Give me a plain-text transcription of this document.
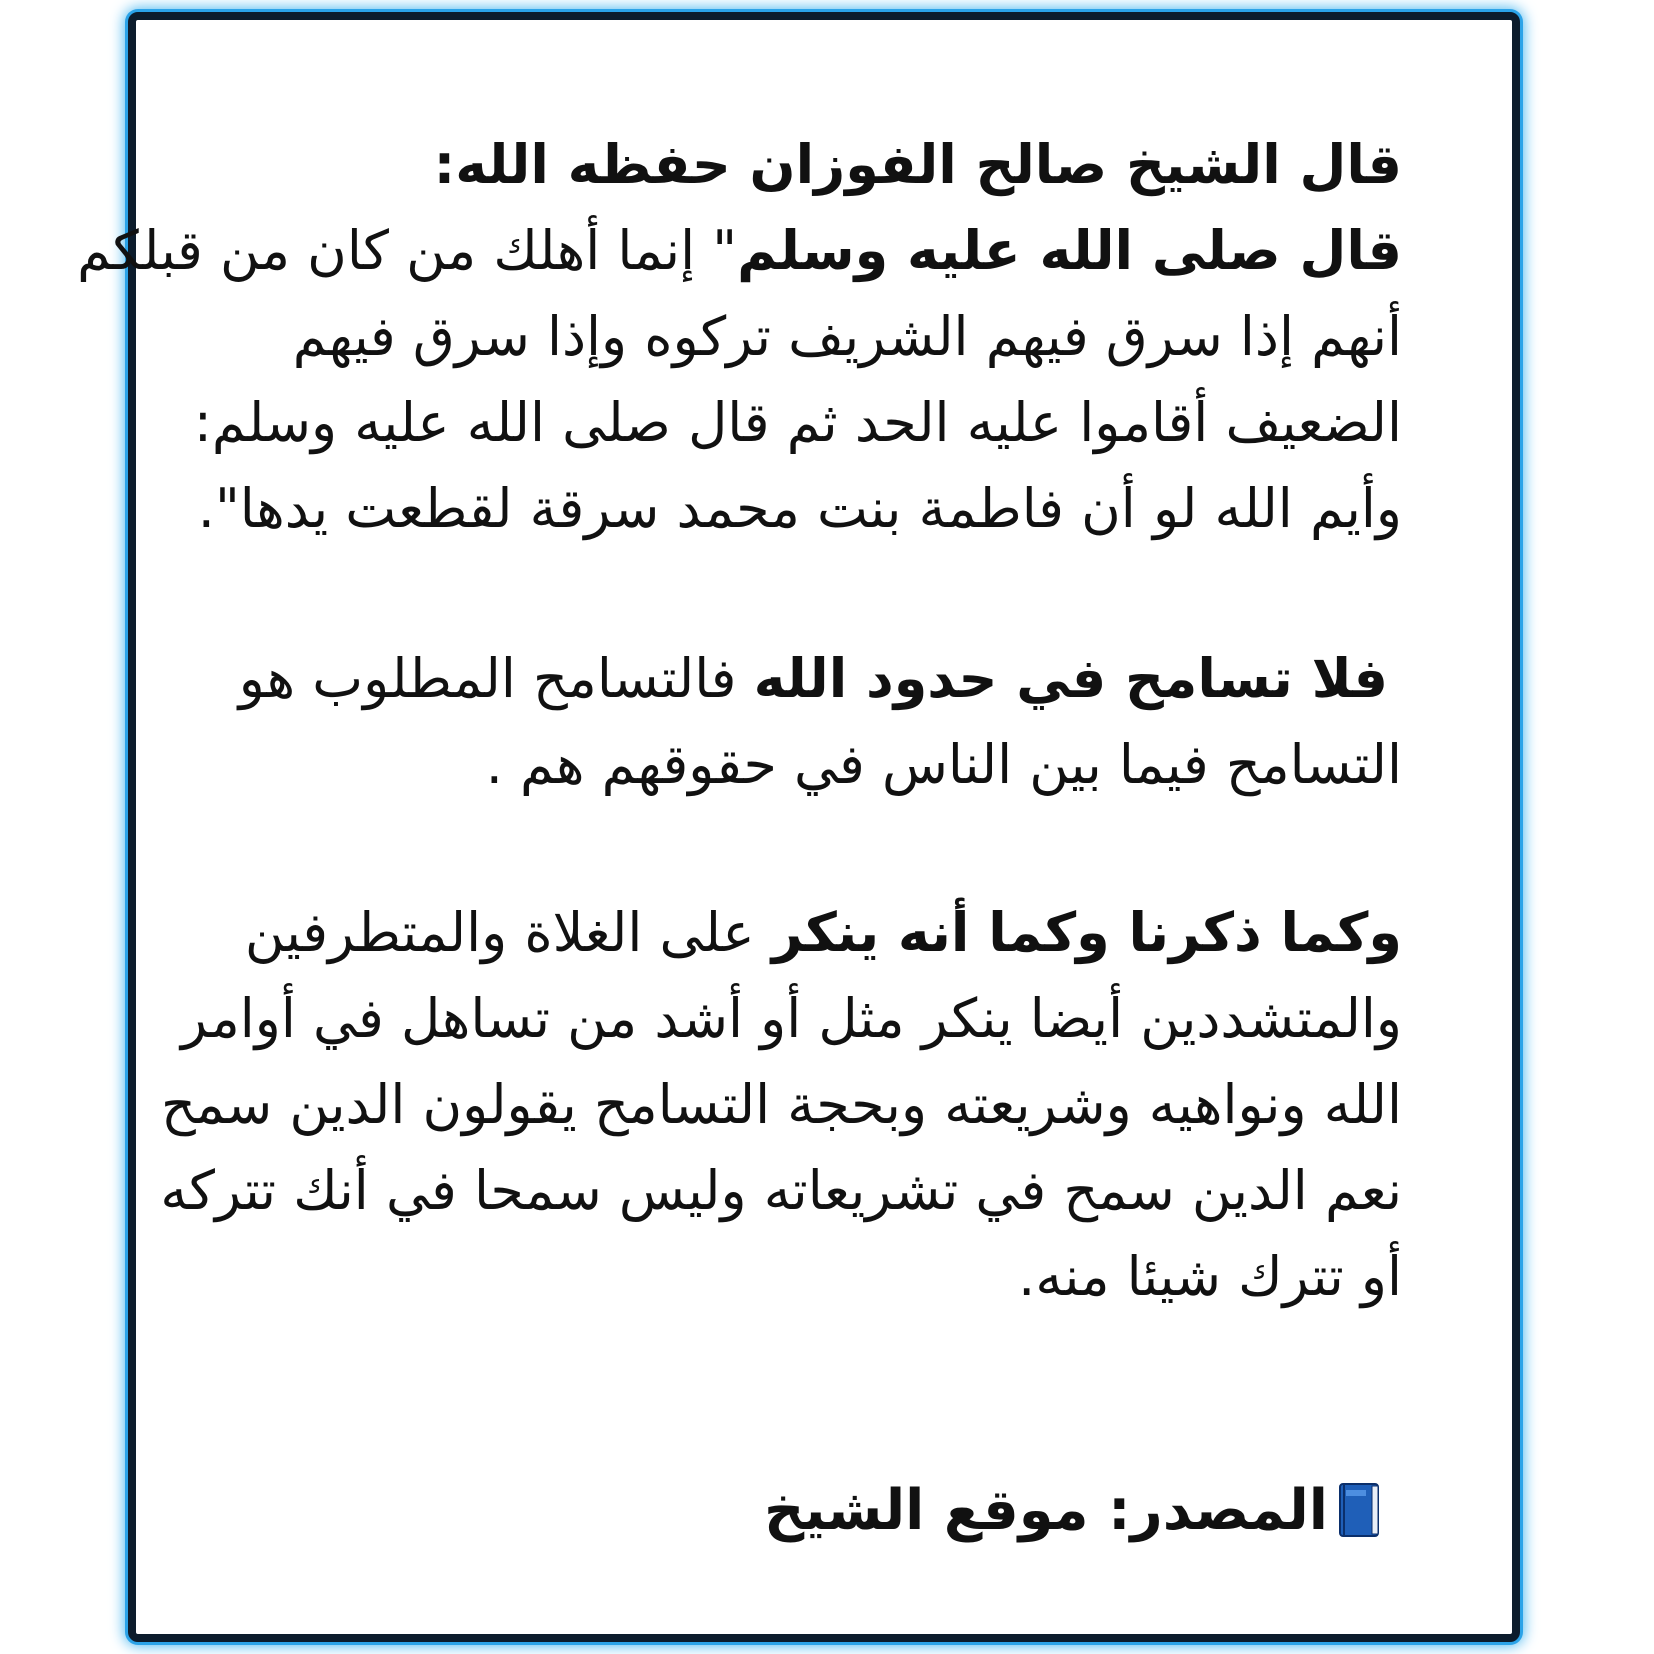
قال الشيخ صالح الفوزان حفظه الله:
قال صلى الله عليه وسلم" إنما أهلك من كان من قبلكم
أنهم إذا سرق فيهم الشريف تركوه وإذا سرق فيهم
الضعيف أقاموا عليه الحد ثم قال صلى الله عليه وسلم:
وأيم الله لو أن فاطمة بنت محمد سرقة لقطعت يدها".
فلا تسامح في حدود الله فالتسامح المطلوب هو
التسامح فيما بين الناس في حقوقهم هم .
وكما ذكرنا وكما أنه ينكر على الغلاة والمتطرفين
والمتشددين أيضا ينكر مثل أو أشد من تساهل في أوامر
الله ونواهيه وشريعته وبحجة التسامح يقولون الدين سمح
نعم الدين سمح في تشريعاته وليس سمحا في أنك تتركه
أو تترك شيئا منه.
المصدر: موقع الشيخ
